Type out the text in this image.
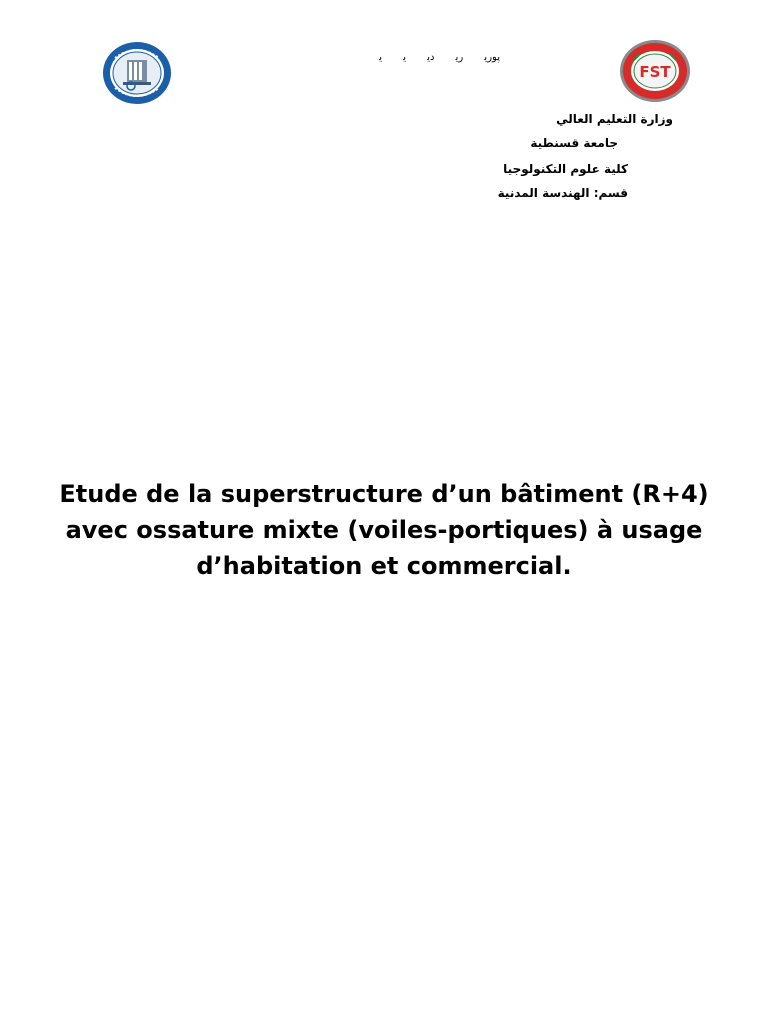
ﭘﻮرﻳ رﻳ دﻳ ﻳ ﻳ
FST
وزارة التعليم العالي
جامعة قسنطية
كلية علوم التكنولوجيا
قسم: الهندسة المدنية
Etude de la superstructure d’un bâtiment (R+4)
avec ossature mixte (voiles-portiques) à usage
d’habitation et commercial.
